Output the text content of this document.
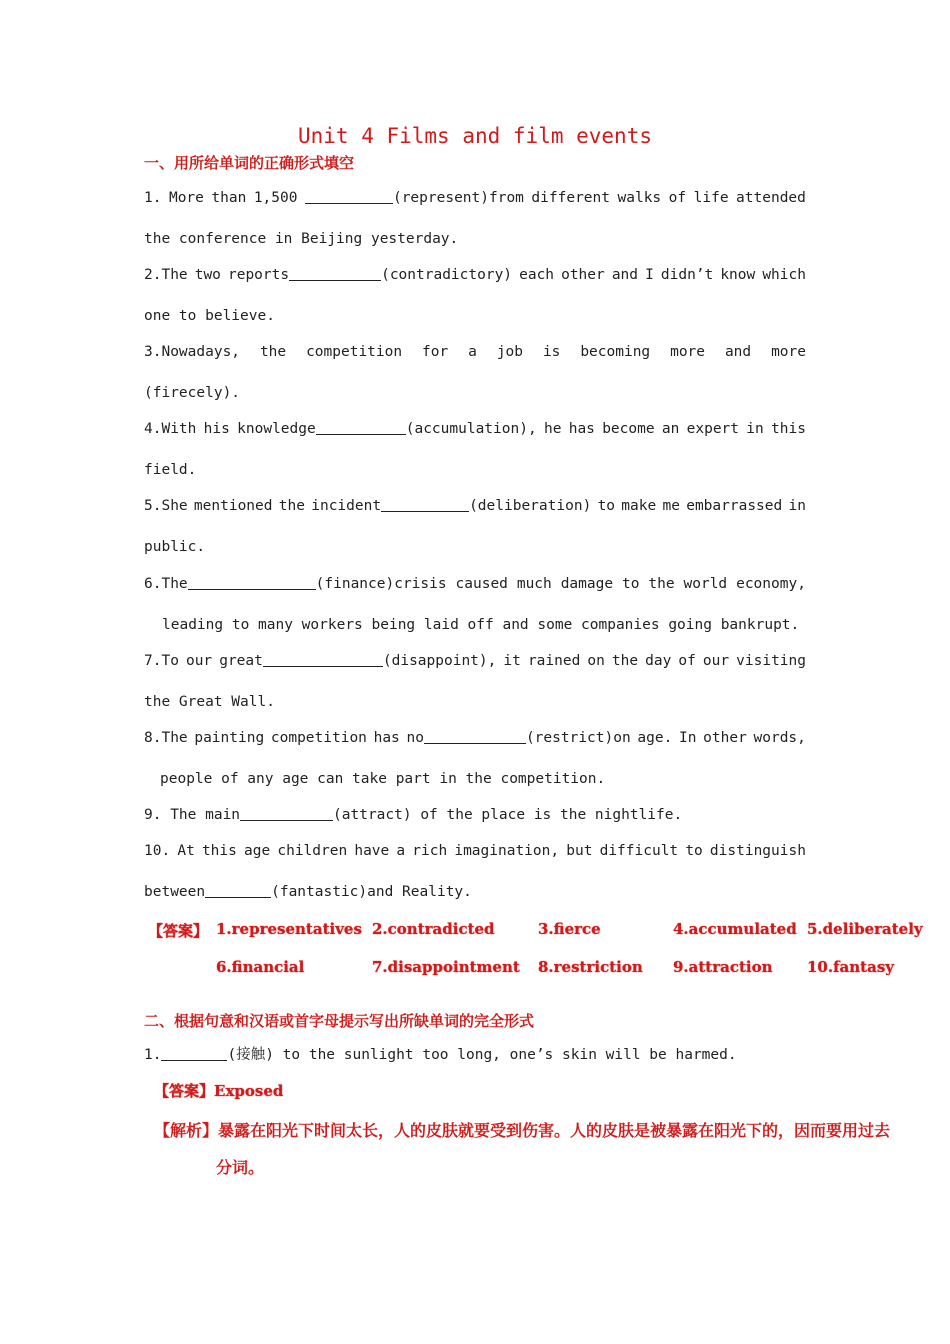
Unit 4 Films and film events
一、用所给单词的正确形式填空
1. More than 1,500	(represent)from different walks of life attended
the conference in Beijing yesterday.
2.The two reports	(contradictory) each other and I didn’t know which
one to believe.
3.Nowadays, the competition for a job is becoming more and more
(firecely).
4.With his knowledge	(accumulation), he has become an expert in this
field.
5.She mentioned the incident	(deliberation) to make me embarrassed in
public.
6.The	(finance)crisis caused much damage to the world economy,
leading to many workers being laid off and some companies going bankrupt.
7.To our great	(disappoint), it rained on the day of our visiting
the Great Wall.
8.The painting competition has no	(restrict)on age. In other words,
people of any age can take part in the competition.
9. The main	(attract) of the place is the nightlife.
10. At this age children have a rich imagination, but difficult to distinguish
between	(fantastic)and Reality.
【答案】 1.representatives 2.contradicted	3.fierce	4.accumulated 5.deliberately
6.financial	7.disappointment 8.restriction 9.attraction 10.fantasy
二、根据句意和汉语或首字母提示写出所缺单词的完全形式
1.	(接触) to the sunlight too long, one’s skin will be harmed.
【答案】Exposed
【解析】暴露在阳光下时间太长，人的皮肤就要受到伤害。人的皮肤是被暴露在阳光下的，因而要用过去
分词。
